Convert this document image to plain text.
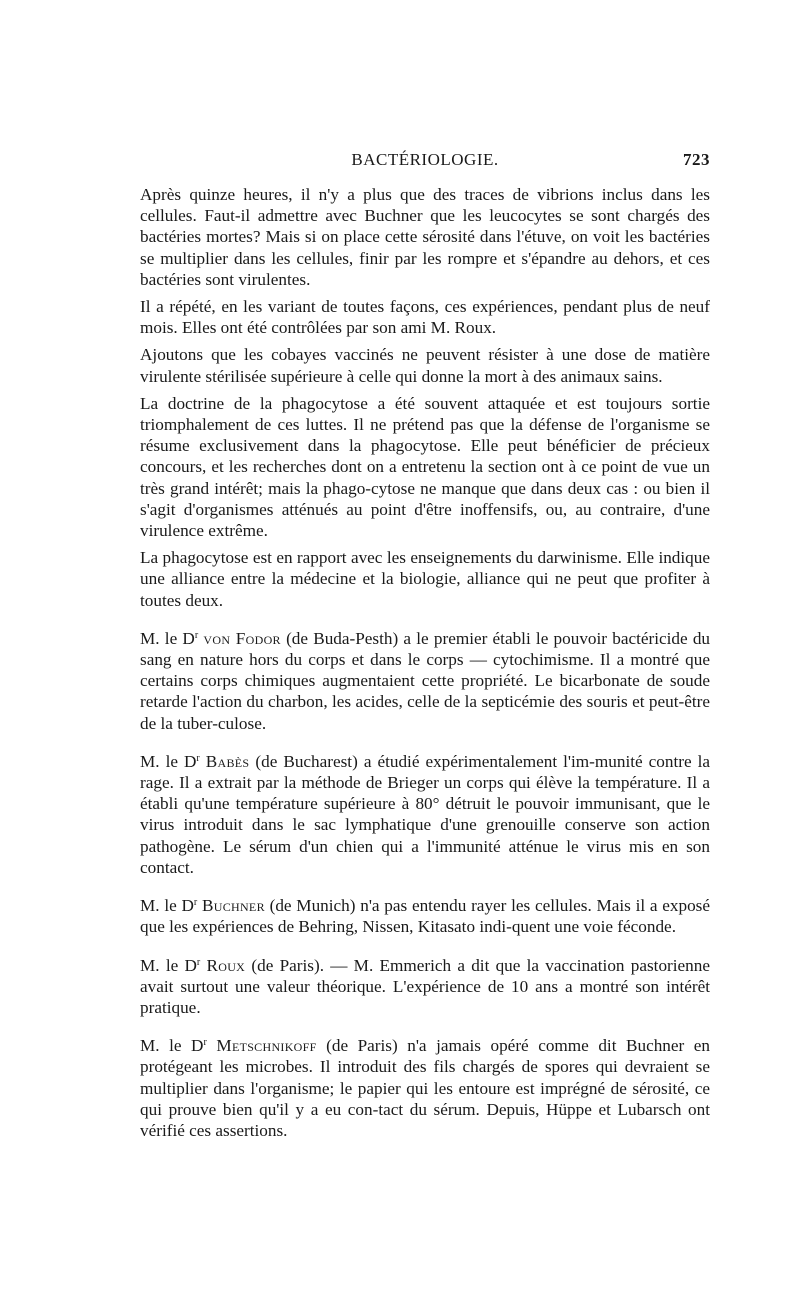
BACTÉRIOLOGIE.	723

Après quinze heures, il n'y a plus que des traces de vibrions inclus dans les cellules. Faut-il admettre avec Buchner que les leucocytes se sont chargés des bactéries mortes? Mais si on place cette sérosité dans l'étuve, on voit les bactéries se multiplier dans les cellules, finir par les rompre et s'épandre au dehors, et ces bactéries sont virulentes.

Il a répété, en les variant de toutes façons, ces expériences, pendant plus de neuf mois. Elles ont été contrôlées par son ami M. Roux.

Ajoutons que les cobayes vaccinés ne peuvent résister à une dose de matière virulente stérilisée supérieure à celle qui donne la mort à des animaux sains.

La doctrine de la phagocytose a été souvent attaquée et est toujours sortie triomphalement de ces luttes. Il ne prétend pas que la défense de l'organisme se résume exclusivement dans la phagocytose. Elle peut bénéficier de précieux concours, et les recherches dont on a entretenu la section ont à ce point de vue un très grand intérêt; mais la phago-cytose ne manque que dans deux cas : ou bien il s'agit d'organismes atténués au point d'être inoffensifs, ou, au contraire, d'une virulence extrême.

La phagocytose est en rapport avec les enseignements du darwinisme. Elle indique une alliance entre la médecine et la biologie, alliance qui ne peut que profiter à toutes deux.

M. le $D^r$ von Fodor (de Buda-Pesth) a le premier établi le pouvoir bactéricide du sang en nature hors du corps et dans le corps — cytochimisme. Il a montré que certains corps chimiques augmentaient cette propriété. Le bicarbonate de soude retarde l'action du charbon, les acides, celle de la septicémie des souris et peut-être de la tuber-culose.

M. le $D^r$ Babès (de Bucharest) a étudié expérimentalement l'im-munité contre la rage. Il a extrait par la méthode de Brieger un corps qui élève la température. Il a établi qu'une température supérieure à 80° détruit le pouvoir immunisant, que le virus introduit dans le sac lymphatique d'une grenouille conserve son action pathogène. Le sérum d'un chien qui a l'immunité atténue le virus mis en son contact.

M. le $D^r$ Buchner (de Munich) n'a pas entendu rayer les cellules. Mais il a exposé que les expériences de Behring, Nissen, Kitasato indi-quent une voie féconde.

M. le $D^r$ Roux (de Paris). — M. Emmerich a dit que la vaccination pastorienne avait surtout une valeur théorique. L'expérience de 10 ans a montré son intérêt pratique.

M. le $D^r$ Metschnikoff (de Paris) n'a jamais opéré comme dit Buchner en protégeant les microbes. Il introduit des fils chargés de spores qui devraient se multiplier dans l'organisme; le papier qui les entoure est imprégné de sérosité, ce qui prouve bien qu'il y a eu con-tact du sérum. Depuis, Hüppe et Lubarsch ont vérifié ces assertions.
